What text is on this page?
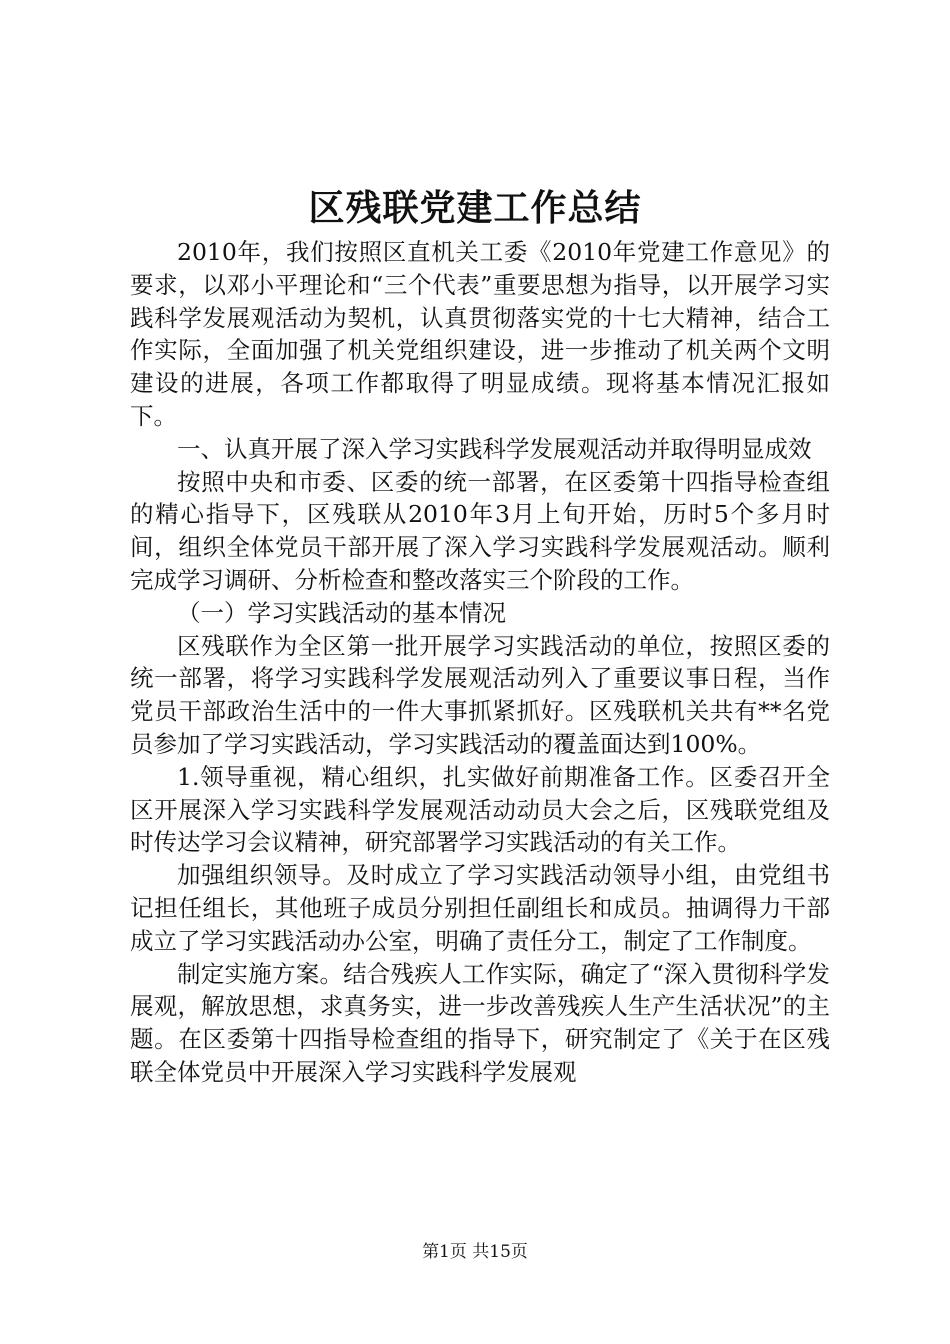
区残联党建工作总结

2010年，我们按照区直机关工委《2010年党建工作意见》的要求，以邓小平理论和“三个代表”重要思想为指导，以开展学习实践科学发展观活动为契机，认真贯彻落实党的十七大精神，结合工作实际，全面加强了机关党组织建设，进一步推动了机关两个文明建设的进展，各项工作都取得了明显成绩。现将基本情况汇报如下。

一、认真开展了深入学习实践科学发展观活动并取得明显成效

按照中央和市委、区委的统一部署，在区委第十四指导检查组的精心指导下，区残联从2010年3月上旬开始，历时5个多月时间，组织全体党员干部开展了深入学习实践科学发展观活动。顺利完成学习调研、分析检查和整改落实三个阶段的工作。

（一）学习实践活动的基本情况

区残联作为全区第一批开展学习实践活动的单位，按照区委的统一部署，将学习实践科学发展观活动列入了重要议事日程，当作党员干部政治生活中的一件大事抓紧抓好。区残联机关共有**名党员参加了学习实践活动，学习实践活动的覆盖面达到100%。

1.领导重视，精心组织，扎实做好前期准备工作。区委召开全区开展深入学习实践科学发展观活动动员大会之后，区残联党组及时传达学习会议精神，研究部署学习实践活动的有关工作。

加强组织领导。及时成立了学习实践活动领导小组，由党组书记担任组长，其他班子成员分别担任副组长和成员。抽调得力干部成立了学习实践活动办公室，明确了责任分工，制定了工作制度。

制定实施方案。结合残疾人工作实际，确定了“深入贯彻科学发展观，解放思想，求真务实，进一步改善残疾人生产生活状况”的主题。在区委第十四指导检查组的指导下，研究制定了《关于在区残联全体党员中开展深入学习实践科学发展观

第1页 共15页
